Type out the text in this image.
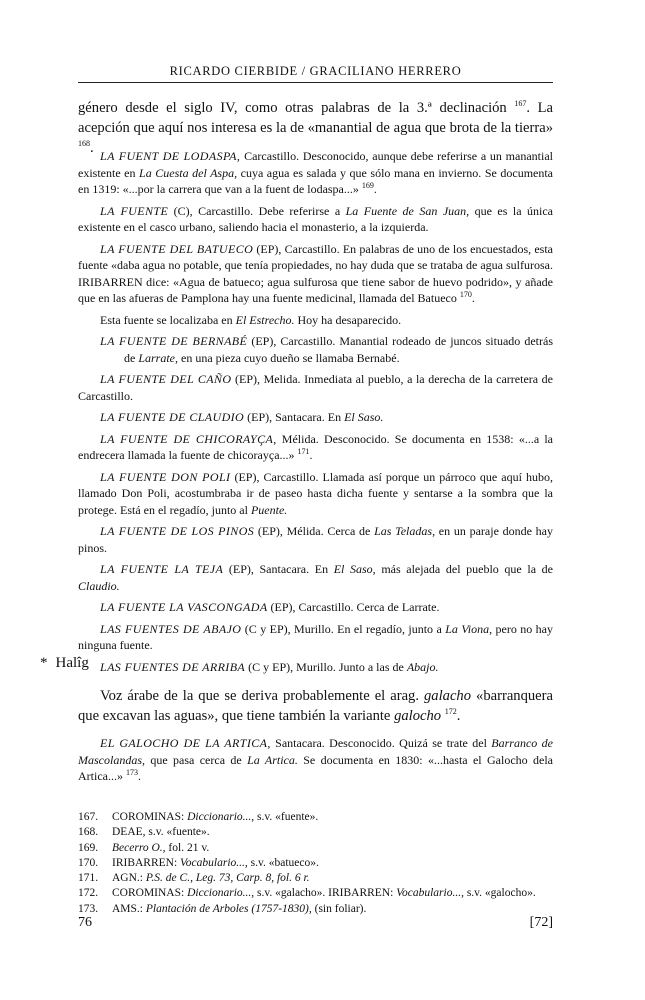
RICARDO CIERBIDE / GRACILIANO HERRERO
género desde el siglo IV, como otras palabras de la 3.ª declinación $^{167}$. La acepción que aquí nos interesa es la de «manantial de agua que brota de la tierra» $^{168}$. LA FUENT DE LODASPA, Carcastillo. Desconocido, aunque debe referirse a un manantial existente en La Cuesta del Aspa, cuya agua es salada y que sólo mana en invierno. Se documenta en 1319: «...por la carrera que van a la fuent de lodaspa...» $^{169}$.

LA FUENTE (C), Carcastillo. Debe referirse a La Fuente de San Juan, que es la única existente en el casco urbano, saliendo hacia el monasterio, a la izquierda.

LA FUENTE DEL BATUECO (EP), Carcastillo. En palabras de uno de los encuestados, esta fuente «daba agua no potable, que tenía propiedades, no hay duda que se trataba de agua sulfurosa. IRIBARREN dice: «Agua de batueco; agua sulfurosa que tiene sabor de huevo podrido», y añade que en las afueras de Pamplona hay una fuente medicinal, llamada del Batueco $^{170}$.

Esta fuente se localizaba en El Estrecho. Hoy ha desaparecido.

LA FUENTE DE BERNABÉ (EP), Carcastillo. Manantial rodeado de juncos situado detrás de Larrate, en una pieza cuyo dueño se llamaba Bernabé.

LA FUENTE DEL CAÑO (EP), Melida. Inmediata al pueblo, a la derecha de la carretera de Carcastillo.

LA FUENTE DE CLAUDIO (EP), Santacara. En El Saso.

LA FUENTE DE CHICORAYÇA, Mélida. Desconocido. Se documenta en 1538: «...a la endrecera llamada la fuente de chicorayça...» $^{171}$.

LA FUENTE DON POLI (EP), Carcastillo. Llamada así porque un párroco que aquí hubo, llamado Don Poli, acostumbraba ir de paseo hasta dicha fuente y sentarse a la sombra que la protege. Está en el regadío, junto al Puente.

LA FUENTE DE LOS PINOS (EP), Mélida. Cerca de Las Teladas, en un paraje donde hay pinos.

LA FUENTE LA TEJA (EP), Santacara. En El Saso, más alejada del pueblo que la de Claudio.

LA FUENTE LA VASCONGADA (EP), Carcastillo. Cerca de Larrate.

LAS FUENTES DE ABAJO (C y EP), Murillo. En el regadío, junto a La Viona, pero no hay ninguna fuente.

LAS FUENTES DE ARRIBA (C y EP), Murillo. Junto a las de Abajo.

* Halîg

Voz árabe de la que se deriva probablemente el arag. galacho «barranquera que excavan las aguas», que tiene también la variante galocho $^{172}$.

EL GALOCHO DE LA ARTICA, Santacara. Desconocido. Quizá se trate del Barranco de Mascolandas, que pasa cerca de La Artica. Se documenta en 1830: «...hasta el Galocho dela Artica...» $^{173}$.

167.	COROMINAS: Diccionario..., s.v. «fuente».
168.	DEAE, s.v. «fuente».
169.	Becerro O., fol. 21 v.
170.	IRIBARREN: Vocabulario..., s.v. «batueco».
171.	AGN.: P.S. de C., Leg. 73, Carp. 8, fol. 6 r.
172.	COROMINAS: Diccionario..., s.v. «galacho». IRIBARREN: Vocabulario..., s.v. «galocho».
173.	AMS.: Plantación de Arboles (1757-1830), (sin foliar).
76	[72]
